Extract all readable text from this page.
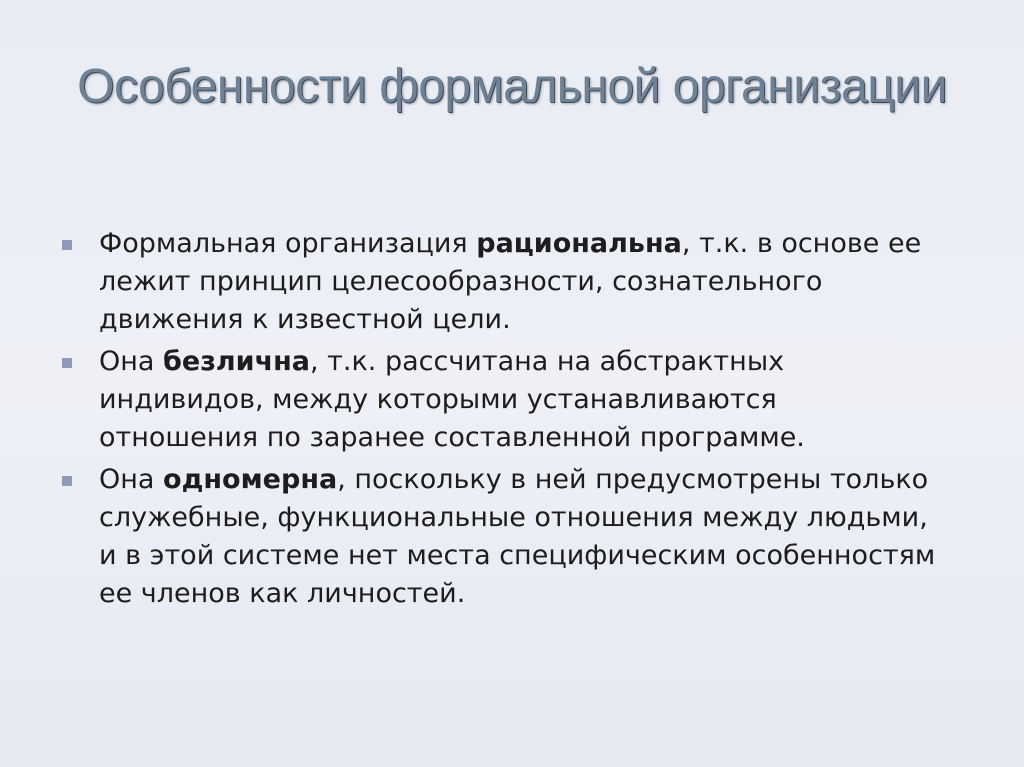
Особенности формальной организации
Формальная организация рациональна, т.к. в основе ее лежит принцип целесообразности, сознательного движения к известной цели.
Она безлична, т.к. рассчитана на абстрактных индивидов, между которыми устанавливаются отношения по заранее составленной программе.
Она одномерна, поскольку в ней предусмотрены только служебные, функциональные отношения между людьми, и в этой системе нет места специфическим особенностям ее членов как личностей.
